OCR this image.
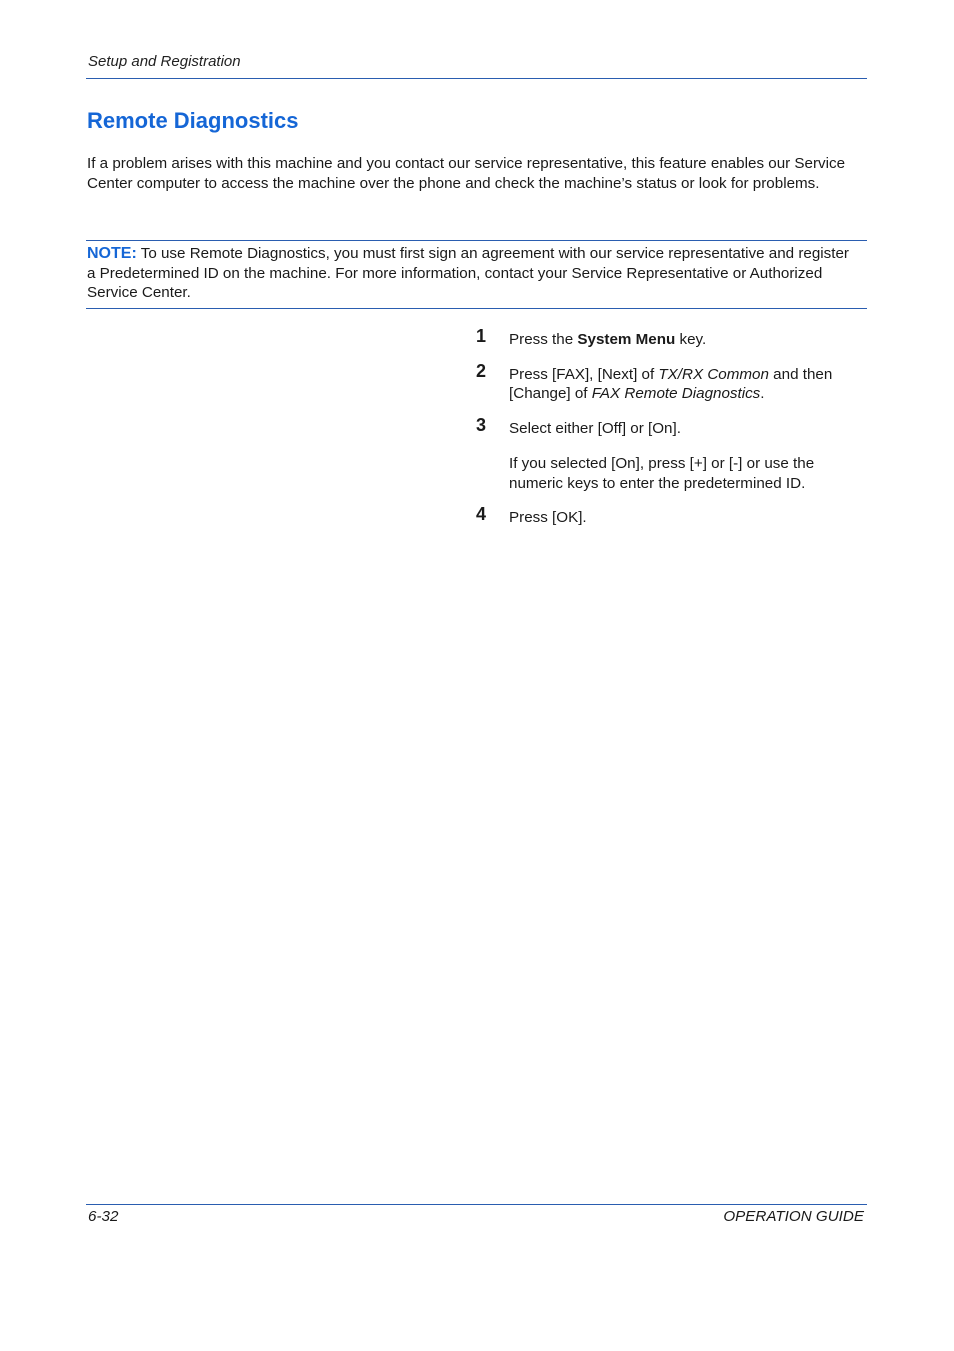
Setup and Registration
Remote Diagnostics

If a problem arises with this machine and you contact our service representative, this feature enables our Service Center computer to access the machine over the phone and check the machine’s status or look for problems.

NOTE: To use Remote Diagnostics, you must first sign an agreement with our service representative and register a Predetermined ID on the machine. For more information, contact your Service Representative or Authorized Service Center.

1 Press the System Menu key.
2 Press [FAX], [Next] of TX/RX Common and then [Change] of FAX Remote Diagnostics.
3 Select either [Off] or [On].
If you selected [On], press [+] or [-] or use the numeric keys to enter the predetermined ID.
4 Press [OK].
6-32	OPERATION GUIDE
